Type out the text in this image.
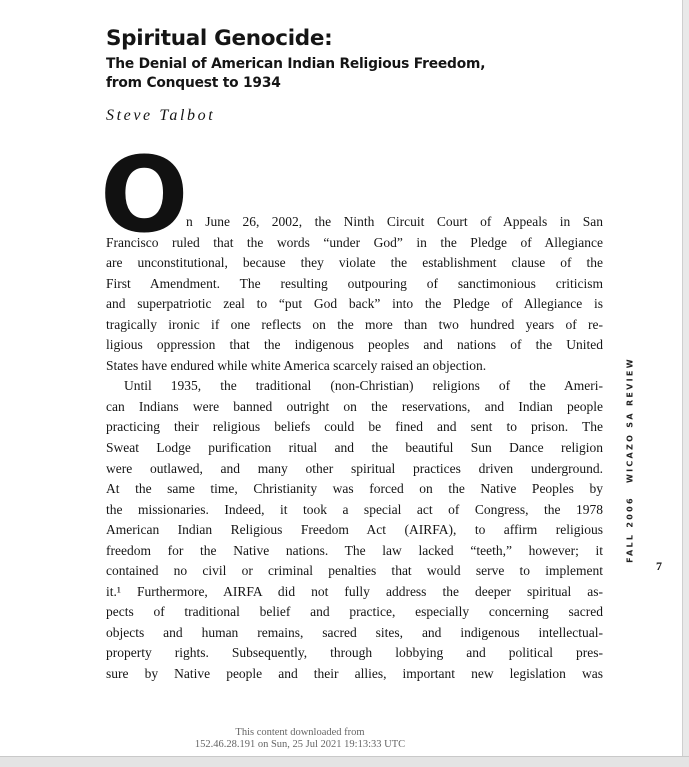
Spiritual Genocide:
The Denial of American Indian Religious Freedom,
from Conquest to 1934
Steve Talbot
O
n June 26, 2002, the Ninth Circuit Court of Appeals in San
Francisco ruled that the words “under God” in the Pledge of Allegiance
are unconstitutional, because they violate the establishment clause of the
First Amendment. The resulting outpouring of sanctimonious criticism
and superpatriotic zeal to “put God back” into the Pledge of Allegiance is
tragically ironic if one reflects on the more than two hundred years of re-
ligious oppression that the indigenous peoples and nations of the United
States have endured while white America scarcely raised an objection.
Until 1935, the traditional (non-Christian) religions of the Ameri-
can Indians were banned outright on the reservations, and Indian people
practicing their religious beliefs could be fined and sent to prison. The
Sweat Lodge purification ritual and the beautiful Sun Dance religion
were outlawed, and many other spiritual practices driven underground.
At the same time, Christianity was forced on the Native Peoples by
the missionaries. Indeed, it took a special act of Congress, the 1978
American Indian Religious Freedom Act (AIRFA), to affirm religious
freedom for the Native nations. The law lacked “teeth,” however; it
contained no civil or criminal penalties that would serve to implement
it.¹ Furthermore, AIRFA did not fully address the deeper spiritual as-
pects of traditional belief and practice, especially concerning sacred
objects and human remains, sacred sites, and indigenous intellectual-
property rights. Subsequently, through lobbying and political pres-
sure by Native people and their allies, important new legislation was
FALL 2006 WICAZO SA REVIEW
7
This content downloaded from
152.46.28.191 on Sun, 25 Jul 2021 19:13:33 UTC
